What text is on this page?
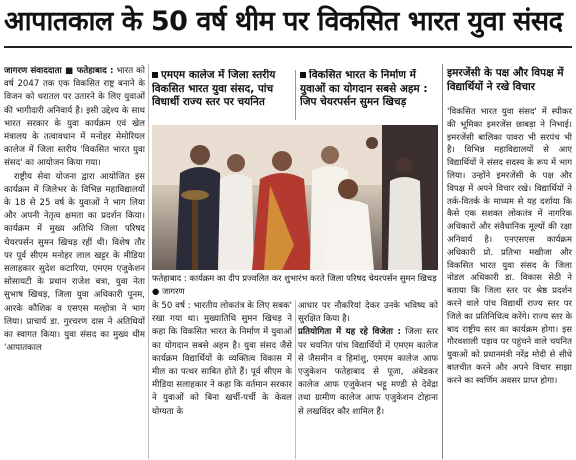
आपातकाल के 50 वर्ष थीम पर विकसित भारत युवा संसद

जागरण संवाददाता ■ फतेहाबाद : भारत को वर्ष 2047 तक एक विकसित राष्ट्र बनाने के विजन को धरातल पर उतारने के लिए युवाओं की भागीदारी अनिवार्य है। इसी उद्देश्य के साथ भारत सरकार के युवा कार्यक्रम एवं खेल मंत्रालय के तत्वावधान में मनोहर मेमोरियल कालेज में जिला स्तरीय 'विकसित भारत युवा संसद' का आयोजन किया गया।

राष्ट्रीय सेवा योजना द्वारा आयोजित इस कार्यक्रम में जिलेभर के विभिन्न महाविद्यालयों के 18 से 25 वर्ष के युवाओं ने भाग लिया और अपनी नेतृत्व क्षमता का प्रदर्शन किया। कार्यक्रम में मुख्य अतिथि जिला परिषद चेयरपर्सन सुमन खिचड़ रहीं थी। विशेष तौर पर पूर्व सीएम मनोहर लाल खट्टर के मीडिया सलाहकार सुदेश कटारिया, एमएम एजुकेशन सोसायटी के प्रधान राजेश बत्रा, युवा नेता सुभाष खिचड़, जिला युवा अधिकारी पूनम, आरके कौशिक व एसएस मल्होत्रा ने भाग लिया। प्राचार्य डा. गुरचरण दास ने अतिथियों का स्वागत किया। युवा संसद का मुख्य थीम 'आपातकाल

एमएम कालेज में जिला स्तरीय विकसित भारत युवा संसद, पांच विधार्थी राज्य स्तर पर चयनित
विकसित भारत के निर्माण में युवाओं का योगदान सबसे अहम : जिप चेयरपर्सन सुमन खिचड़
फतेहाबाद : कार्यक्रम का दीप प्रज्वलित कर शुभारंभ करते जिला परिषद चेयरपर्सन सुमन खिचड़ ● जागरण

के 50 वर्ष : भारतीय लोकतंत्र के लिए सबक' रखा गया था। मुख्यातिथि सुमन खिचड़ ने कहा कि विकसित भारत के निर्माण में युवाओं का योगदान सबसे अहम है। युवा संसद जैसे कार्यक्रम विद्यार्थियों के व्यक्तित्व विकास में मील का पत्थर साबित होते हैं। पूर्व सीएम के मीडिया सलाहकार ने कहा कि वर्तमान सरकार ने युवाओं को बिना खर्ची-पर्ची के केवल योग्यता के

आधार पर नौकरियां देकर उनके भविष्य को सुरक्षित किया है।

प्रतियोगिता में यह रहे विजेता : जिला स्तर पर चयनित पांच विद्यार्थियों में एमएम कालेज से जैसमीन व हिमांशु, एमएम कालेज आफ एजुकेशन फतेहाबाद से पूजा, अंबेडकर कालेज आफ एजुकेशन भट्टू मण्डी से देवेंद्रा तथा ग्रामीण कालेज आफ एजुकेशन टोहाना से लखविंदर कौर शामिल हैं।

इमरजेंसी के पक्ष और विपक्ष में विद्यार्थियों ने रखे विचार

'विकसित भारत युवा संसद' में स्पीकर की भूमिका इमरजेंस छाबड़ा ने निभाई। इमरजेंसी बालिका पावरा भी सरपंच भी है। विभिन्न महाविद्यालयों से आए विद्यार्थियों ने संसद सदस्य के रूप में भाग लिया। उन्होंने इमरजेंसी के पक्ष और विपक्ष में अपने विचार रखे। विद्यार्थियों ने तर्क-वितर्क के माध्यम से यह दर्शाया कि कैसे एक सशक्त लोकतंत्र में नागरिक अधिकारों और संवैधानिक मूल्यों की रक्षा अनिवार्य है। एनएसएस कार्यक्रम अधिकारी प्रो. प्रतिभा मखीजा और विकसित भारत युवा संसद के जिला नोडल अधिकारी डा. विकास सेठी ने बताया कि जिला स्तर पर श्रेष्ठ प्रदर्शन करने वाले पांच विद्यार्थी राज्य स्तर पर जिले का प्रतिनिधित्व करेंगे। राज्य स्तर के बाद राष्ट्रीय स्तर का कार्यक्रम होगा। इस गौरवशाली पड़ाव पर पहुंचने वाले चयनित युवाओं को प्रधानमंत्री नरेंद्र मोदी से सीधे बातचीत करने और अपने विचार साझा करने का स्वर्णिम अवसर प्राप्त होगा।
